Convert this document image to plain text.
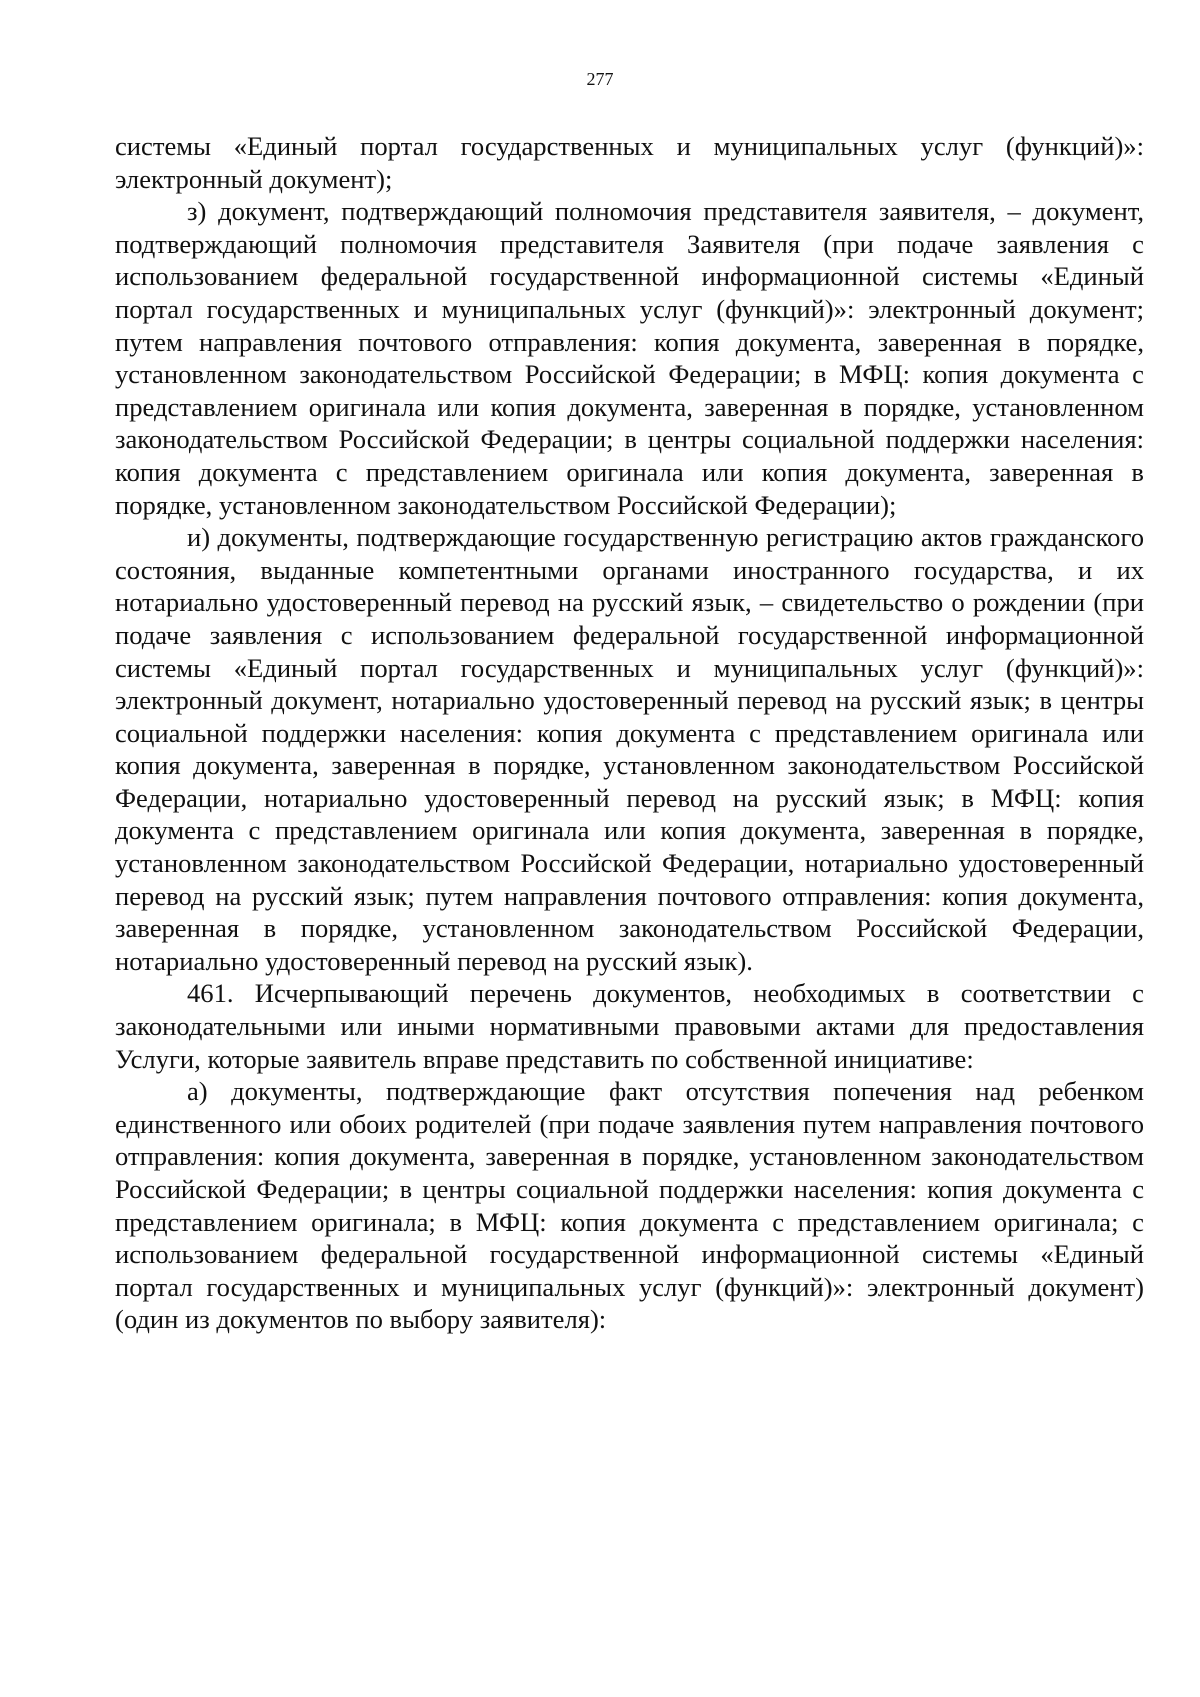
277

системы «Единый портал государственных и муниципальных услуг (функций)»: электронный документ);

з) документ, подтверждающий полномочия представителя заявителя, – документ, подтверждающий полномочия представителя Заявителя (при подаче заявления с использованием федеральной государственной информационной системы «Единый портал государственных и муниципальных услуг (функций)»: электронный документ; путем направления почтового отправления: копия документа, заверенная в порядке, установленном законодательством Российской Федерации; в МФЦ: копия документа с представлением оригинала или копия документа, заверенная в порядке, установленном законодательством Российской Федерации; в центры социальной поддержки населения: копия документа с представлением оригинала или копия документа, заверенная в порядке, установленном законодательством Российской Федерации);

и) документы, подтверждающие государственную регистрацию актов гражданского состояния, выданные компетентными органами иностранного государства, и их нотариально удостоверенный перевод на русский язык, – свидетельство о рождении (при подаче заявления с использованием федеральной государственной информационной системы «Единый портал государственных и муниципальных услуг (функций)»: электронный документ, нотариально удостоверенный перевод на русский язык; в центры социальной поддержки населения: копия документа с представлением оригинала или копия документа, заверенная в порядке, установленном законодательством Российской Федерации, нотариально удостоверенный перевод на русский язык; в МФЦ: копия документа с представлением оригинала или копия документа, заверенная в порядке, установленном законодательством Российской Федерации, нотариально удостоверенный перевод на русский язык; путем направления почтового отправления: копия документа, заверенная в порядке, установленном законодательством Российской Федерации, нотариально удостоверенный перевод на русский язык).

461. Исчерпывающий перечень документов, необходимых в соответствии с законодательными или иными нормативными правовыми актами для предоставления Услуги, которые заявитель вправе представить по собственной инициативе:

а) документы, подтверждающие факт отсутствия попечения над ребенком единственного или обоих родителей (при подаче заявления путем направления почтового отправления: копия документа, заверенная в порядке, установленном законодательством Российской Федерации; в центры социальной поддержки населения: копия документа с представлением оригинала; в МФЦ: копия документа с представлением оригинала; с использованием федеральной государственной информационной системы «Единый портал государственных и муниципальных услуг (функций)»: электронный документ) (один из документов по выбору заявителя):
